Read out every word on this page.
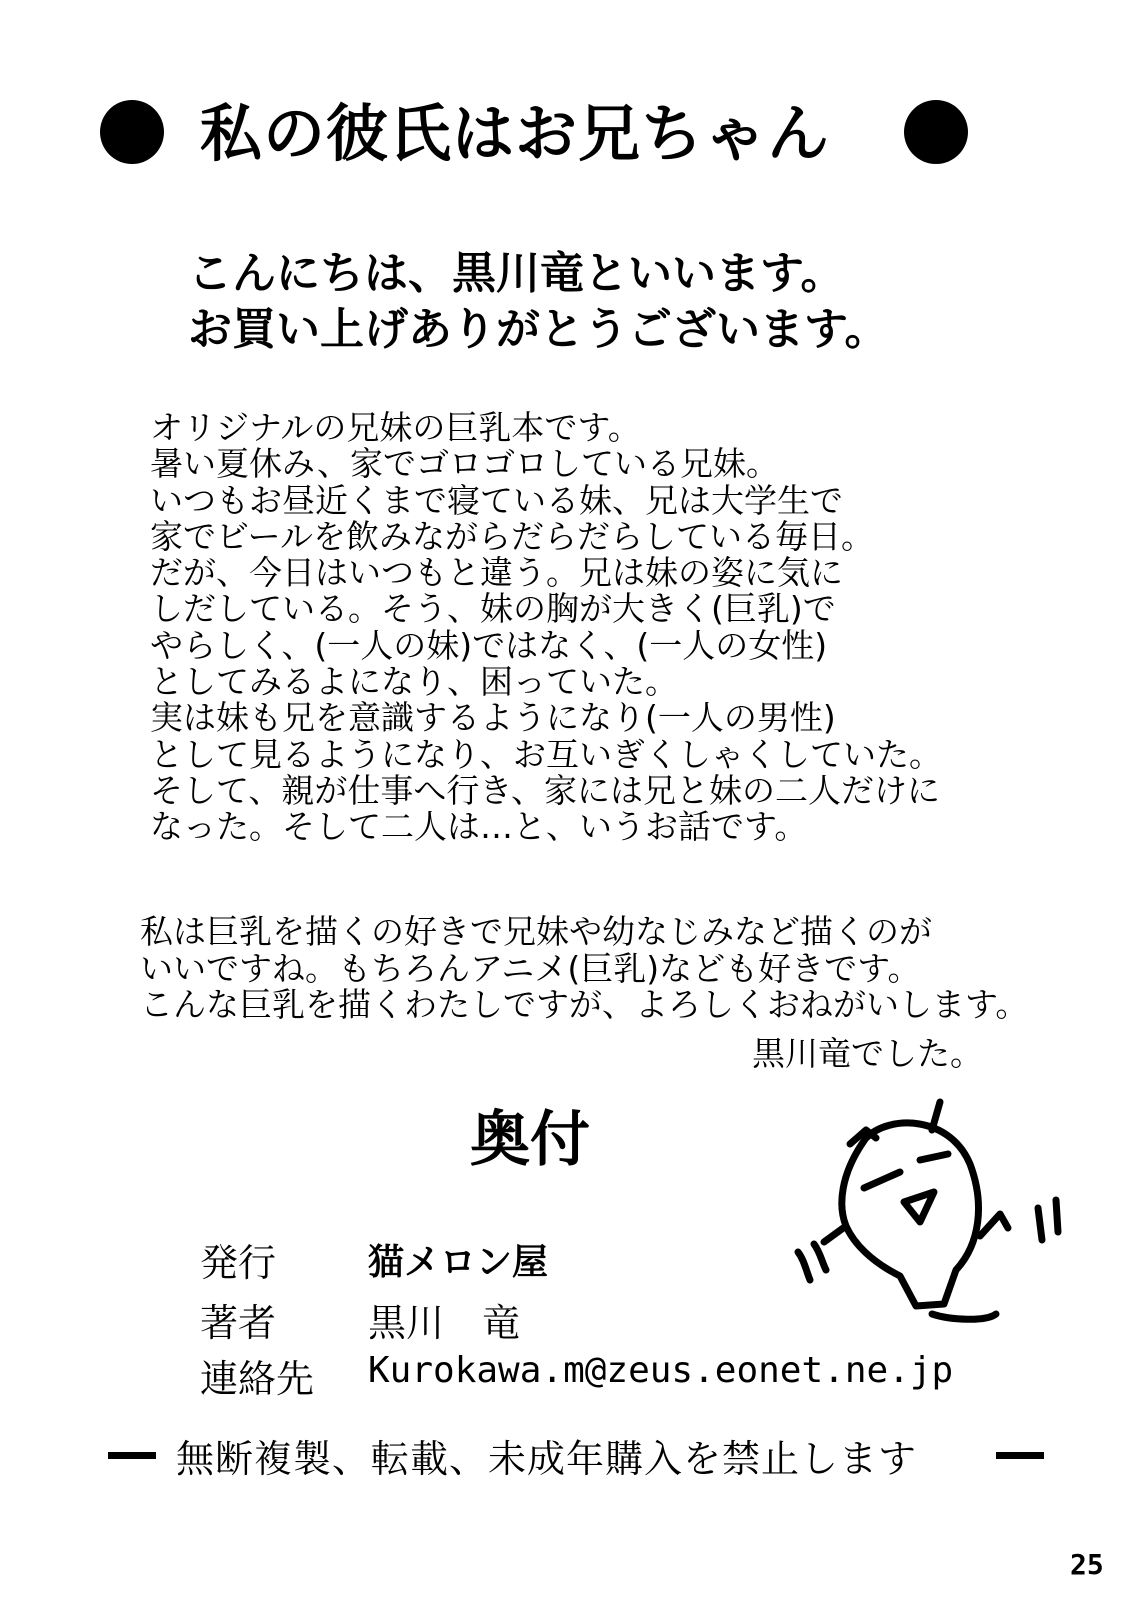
私の彼氏はお兄ちゃん
こんにちは、黒川竜といいます。
お買い上げありがとうございます。
オリジナルの兄妹の巨乳本です。
暑い夏休み、家でゴロゴロしている兄妹。
いつもお昼近くまで寝ている妹、兄は大学生で
家でビールを飲みながらだらだらしている毎日。
だが、今日はいつもと違う。兄は妹の姿に気に
しだしている。そう、妹の胸が大きく(巨乳)で
やらしく、(一人の妹)ではなく、(一人の女性)
としてみるよになり、困っていた。
実は妹も兄を意識するようになり(一人の男性)
として見るようになり、お互いぎくしゃくしていた。
そして、親が仕事へ行き、家には兄と妹の二人だけに
なった。そして二人は…と、いうお話です。
私は巨乳を描くの好きで兄妹や幼なじみなど描くのが
いいですね。もちろんアニメ(巨乳)なども好きです。
こんな巨乳を描くわたしですが、よろしくおねがいします。
黒川竜でした。
奥付
発行	猫メロン屋
著者 黒川　竜
連絡先 Kurokawa.m@zeus.eonet.ne.jp
無断複製、転載、未成年購入を禁止します
25
